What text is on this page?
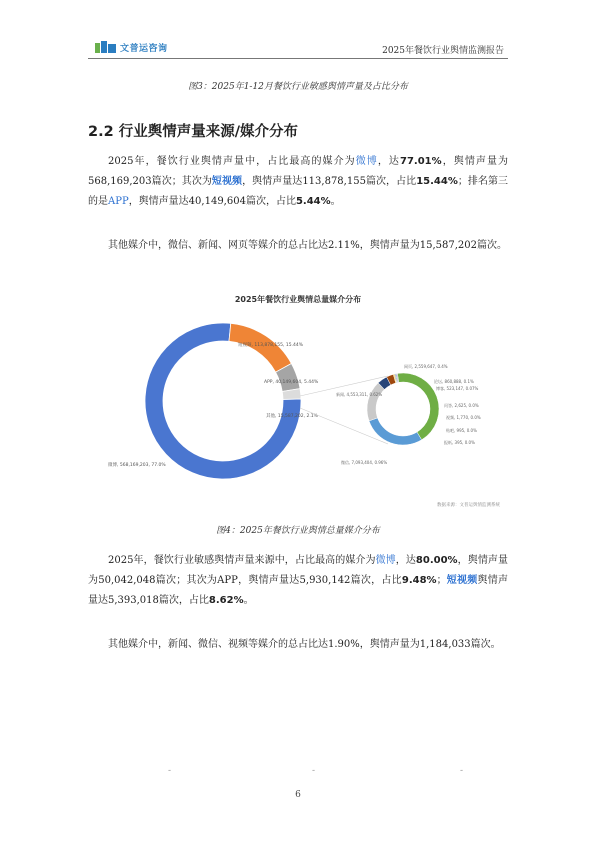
文普运咨询	2025年餐饮行业舆情监测报告
图3：2025年1-12月餐饮行业敏感舆情声量及占比分布
2.2 行业舆情声量来源/媒介分布
2025年，餐饮行业舆情声量中，占比最高的媒介为微博，达77.01%，舆情声量为568,169,203篇次；其次为短视频，舆情声量达113,878,155篇次，占比15.44%；排名第三的是APP，舆情声量达40,149,604篇次，占比5.44%。
其他媒介中，微信、新闻、网页等媒介的总占比达2.11%，舆情声量为15,587,202篇次。
2025年餐饮行业舆情总量媒介分布
微博, 568,169,203, 77.0%
短视频, 113,878,155, 15.44%
APP, 40,149,604, 5.44%
其他, 15,587,202, 2.1%
微信, 7,093,404, 0.96%
新闻, 4,553,311, 0.62%
网页, 2,559,647, 0.4%
论坛, 860,888, 0.1%
博客, 523,147, 0.07%
问答, 2,625, 0.0%
视频, 1,770, 0.0%
贴吧, 995, 0.0%
报纸, 395, 0.0%
数据来源：文普运舆情监测系统
图4：2025年餐饮行业舆情总量媒介分布
2025年，餐饮行业敏感舆情声量来源中，占比最高的媒介为微博，达80.00%，舆情声量为50,042,048篇次；其次为APP，舆情声量达5,930,142篇次，占比9.48%；短视频舆情声量达5,393,018篇次，占比8.62%。
其他媒介中，新闻、微信、视频等媒介的总占比达1.90%，舆情声量为1,184,033篇次。
-	-	-
6
